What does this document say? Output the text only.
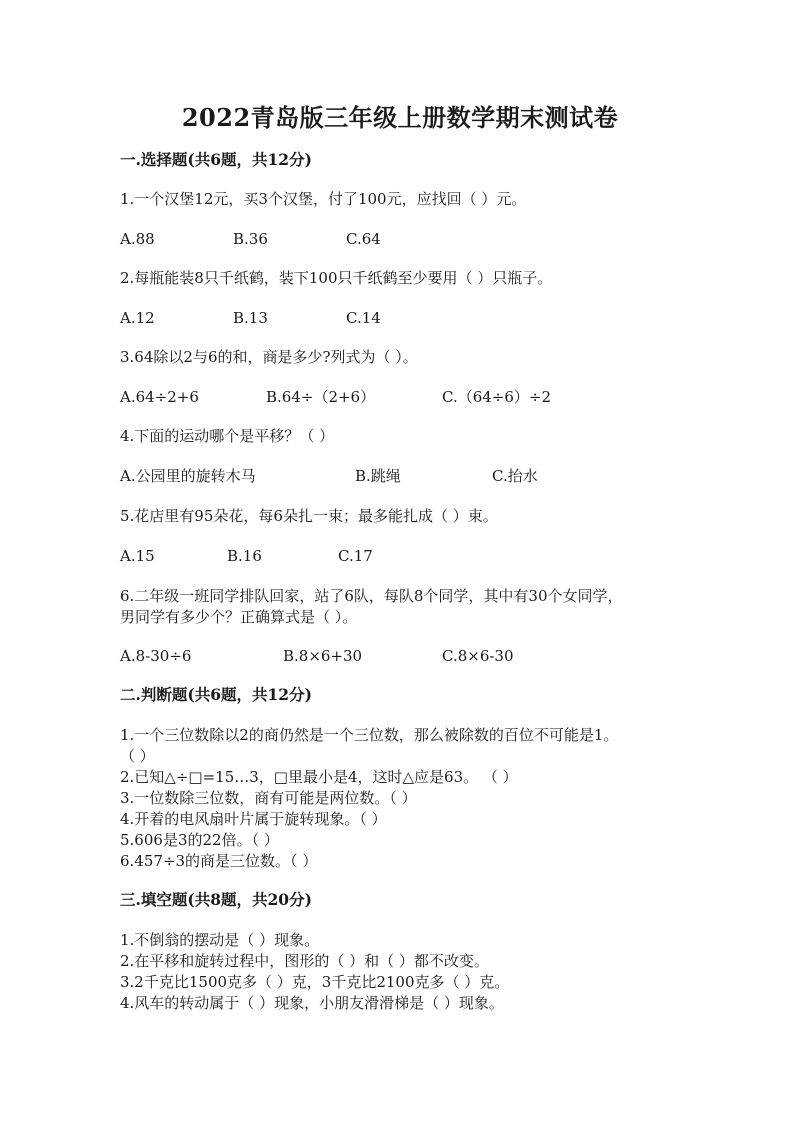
2022青岛版三年级上册数学期末测试卷
一.选择题(共6题，共12分)
1.一个汉堡12元，买3个汉堡，付了100元，应找回（ ）元。
A.88	B.36	C.64
2.每瓶能装8只千纸鹤，装下100只千纸鹤至少要用（ ）只瓶子。
A.12	B.13	C.14
3.64除以2与6的和，商是多少?列式为（ ）。
A.64÷2+6	B.64÷（2+6）	C.（64÷6）÷2
4.下面的运动哪个是平移？（ ）
A.公园里的旋转木马	B.跳绳	C.抬水
5.花店里有95朵花，每6朵扎一束；最多能扎成（ ）束。
A.15	B.16	C.17
6.二年级一班同学排队回家，站了6队，每队8个同学，其中有30个女同学，
男同学有多少个？正确算式是（ ）。
A.8-30÷6	B.8×6+30	C.8×6-30
二.判断题(共6题，共12分)
1.一个三位数除以2的商仍然是一个三位数，那么被除数的百位不可能是1。
（ ）
2.已知△÷□=15…3，□里最小是4，这时△应是63。 （ ）
3.一位数除三位数，商有可能是两位数。（ ）
4.开着的电风扇叶片属于旋转现象。（ ）
5.606是3的22倍。（ ）
6.457÷3的商是三位数。（ ）
三.填空题(共8题，共20分)
1.不倒翁的摆动是（ ）现象。
2.在平移和旋转过程中，图形的（ ）和（ ）都不改变。
3.2千克比1500克多（ ）克，3千克比2100克多（ ）克。
4.风车的转动属于（ ）现象，小朋友滑滑梯是（ ）现象。
